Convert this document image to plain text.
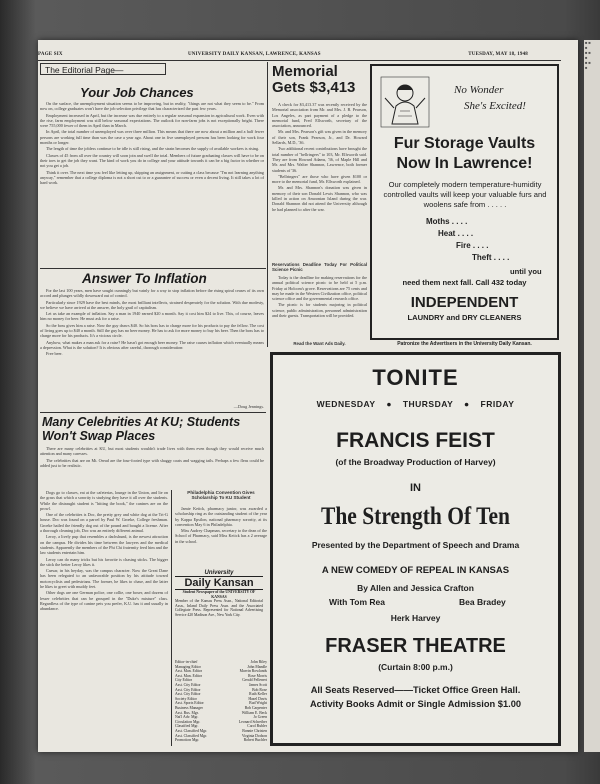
■ ■
■
■ ■
■
■ ■
■
PAGE SIX	UNIVERSITY DAILY KANSAN, LAWRENCE, KANSAS	TUESDAY, MAY 18, 1948
The Editorial Page—
Your Job Chances

On the surface, the unemployment situation seems to be improving, but in reality, "things are not what they seem to be." From now on, college graduates won't have the job selection privilege that has characterized the past few years.

Employment increased in April, but the increase was due entirely to a regular seasonal expansion in agricultural work. Even with the rise, farm employment was still below seasonal expectations. The outlook for non-farm jobs is not exceptionally bright. There were 755,000 fewer of them in April than in March.

In April, the total number of unemployed was over three million. This means that there are now about a million and a half fewer persons are working full time than was the case a year ago. About one in five unemployed persons has been looking for work four months or longer.

The length of time the jobless continue to be idle is still rising, and the strain becomes the supply of available workers is rising.

Classes of 45 from all over the country will soon join and swell the total. Members of future graduating classes will have to be on their toes to get the job they want. The kind of work you do in college and your attitude towards it can be a big factor in whether or not you get a job.

Think it over. The next time you feel like letting up, skipping an assignment, or cutting a class because "I'm not learning anything anyway," remember that a college diploma is not a short cut to or a guarantee of success or even a decent living. It still takes a lot of hard work.

Answer To Inflation

For the last 100 years, men have sought cunningly but vainly for a way to stop inflation before the rising spiral ceases of its own accord and plunges wildly downward out of control.

Particularly since 1929 have the best minds, the most brilliant intellects, strained desperately for the solution. With due modesty, we believe we have arrived at the answer, the holy grail of capitalism.

Let us take an example of inflation. Say a man in 1940 earned $20 a month. Say it cost him $24 to live. This, of course, leaves him no money for beer. He must ask for a raise.

So the boss gives him a raise. Now the guy draws $40. So his boss has to charge more for his products to pay the fellow. The cost of living goes up to $40 a month. Still the guy has no beer money. He has to ask for more money to buy his beer. Then the boss has to charge more for his products. It's a vicious circle.

Anyhow, what makes a man ask for a raise? He hasn't got enough beer money. The raise causes inflation which eventually means a depression. What is the solution? It is obvious after careful, thorough consideration:

Free beer.

—Doug Jennings.
Many Celebrities At KU; Students Won't Swap Places

There are many celebrities at KU, but most students wouldn't trade lives with them even though they would receive much attention and many caresses.

The celebrities that are on Mt. Oread are the four-footed type with shaggy coats and wagging tails. Perhaps a few fleas could be added just to be realistic.

Dogs go to classes, eat at the cafeterias, lounge in the Union, and lie on the grass that which a sorority is studying they have it all over the students. While the distraught student is "hitting the book," the canines are on the prowl.

One of the celebrities is Doc, the pretty grey and white dog at the Tri-G house. Doc was found on a parcel by Paul W. Groeke, College freshman. Groeke hailed the friendly dog out of the pound and bought a license. After a thorough cleaning job, Doc was an entirely different animal.

Leroy, a lively pup that resembles a dachshund, is the newest attraction on the campus. He divides his time between the lawyers and the medical students. Apparently the members of the Phi Chi fraternity feed him and the law students entertain him.

Leroy can do many tricks but his favorite is chasing sticks. The bigger the stick the better Leroy likes it.

Caesar, in his heyday, was the campus character. Now the Great Dane has been relegated to an unfavorable position by his attitude toward motorcyclists and pedestrians. The former, he likes to chase, and the latter he likes to greet with muddy feet.

Other dogs are one German police, one collie, one boxer, and dozens of lesser celebrities that can be grouped in the "Duke's mixture" class. Regardless of the type of canine pets you prefer, K.U. has it and usually in abundance.

Philadelphia Convention Gives Scholarship To KU Student

Jamie Keiick, pharmacy junior, was awarded a scholarship ring as the outstanding student of the year by Kappa Epsilon, national pharmacy sorority, at its convention May 6 in Philadelphia.

Miss Audrey Chapman, secretary to the dean of the School of Pharmacy, said Miss Keiick has a 2 average in the school.

University
Daily Kansan
Student Newspaper of the UNIVERSITY OF KANSAS
Member of the Kansas Press Assn., National Editorial Assn., Inland Daily Press Assn. and the Associated Collegiate Press. Represented for National Advertising Service 420 Madison Ave., New York City.
Editor-in-chief	John Riley
Managing Editor	John Mandle
Asst. Man. Editor	Marvin Rowlands
Asst. Man. Editor	Rose Morris
City Editor	Gerald Fellenert
Asst. City Editor	James Scott
Asst. City Editor	Bob Rose
Asst. City Editor	Ruth Keller
Society Editor	Hazel Davis
Asst. Sports Editor	Bud Wright
Business Manager	Bob Carpenter
Asst. Bus. Mgr.	William E. Beck
Nat'l Adv. Mgr.	Jo Green
Circulation Mgr.	Leonard Schreiber
Classified Mgr.	Carol Bubler
Asst. Classified Mgr.	Bonnie Christen
Asst. Classified Mgr.	Virginia Dodson
Promotion Mgr.	Robert Buchler
Memorial Gets $3,413

A check for $3,413.37 was recently received by the Memorial association from Mr. and Mrs. J. B. Pearson, Los Angeles, as part payment of a pledge to the memorial fund, Fred Ellsworth, secretary of the association, announced.

Mr. and Mrs. Pearson's gift was given in the memory of their son, Frank Pearson, Jr., and Dr. Howard Sellards, M.D., '36.

Two additional recent contributions have brought the total number of "bellringers" to 103, Mr. Ellsworth said. They are from Howard Adams, '36, of Maple Hill and Mr. and Mrs. Walter Shannon, Lawrence, both former students of '36.

"Bellringers" are those who have given $100 or more to the memorial fund, Mr. Ellsworth explained.

Mr. and Mrs. Shannon's donation was given in memory of their son Donald Lewis Shannon, who was killed in action on Amoonian Island during the war. Donald Shannon did not attend the University although he had planned to after the war.

Reservations Deadline Today For Political Science Picnic

Today is the deadline for making reservations for the annual political science picnic to be held at 5 p.m. Friday at Holcom's grove. Reservations are 75 cents and may be made in the Western Civilization office, political science office and the governmental research office.

The picnic is for students majoring in political science, public administration, personnel administration and their guests. Transportation will be provided.

Read the Want Ads Daily.
No Wonder
She's Excited!
Fur Storage Vaults
Now In Lawrence!
Our completely modern temperature-humidity controlled vaults will keep your valuable furs and woolens safe from . . . . .
Moths . . . .
Heat . . . .
Fire . . . .
Theft . . . .
until you
need them next fall. Call 432 today
INDEPENDENT
LAUNDRY and DRY CLEANERS
Patronize the Advertisers in the University Daily Kansan.
TONITE
WEDNESDAY ● THURSDAY ● FRIDAY
FRANCIS FEIST
(of the Broadway Production of Harvey)
IN
The Strength Of Ten
Presented by the Department of Speech and Drama
A NEW COMEDY OF REPEAL IN KANSAS
By Allen and Jessica Crafton
With Tom Rea	Bea Bradey
Herk Harvey
FRASER THEATRE
(Curtain 8:00 p.m.)
All Seats Reserved——Ticket Office Green Hall.
Activity Books Admit or Single Admission $1.00
